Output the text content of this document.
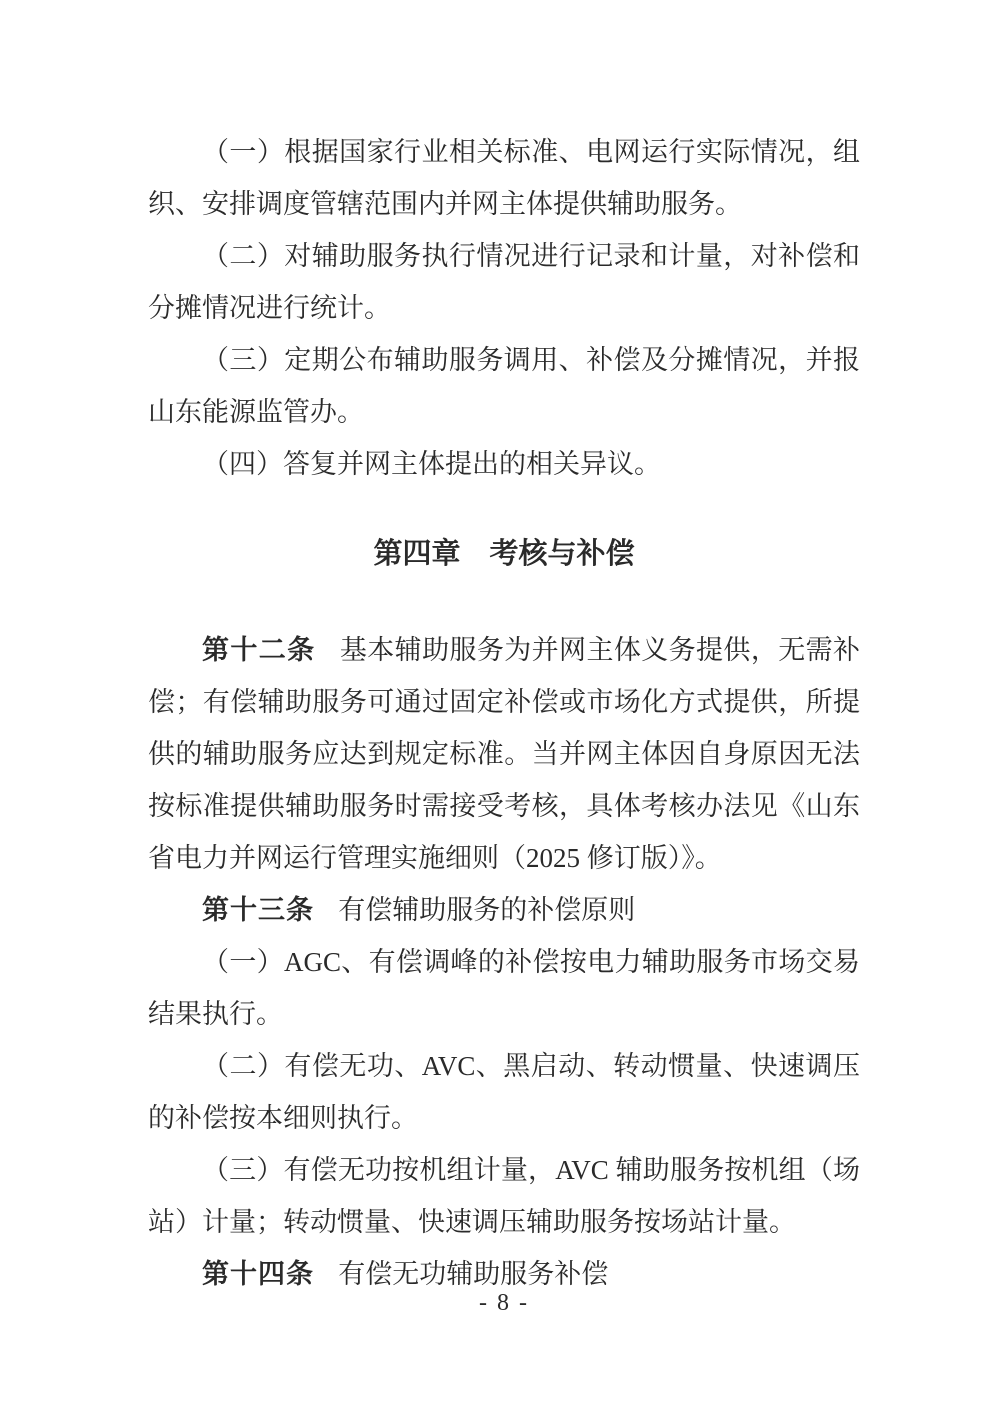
（一）根据国家行业相关标准、电网运行实际情况，组
织、安排调度管辖范围内并网主体提供辅助服务。
（二）对辅助服务执行情况进行记录和计量，对补偿和
分摊情况进行统计。
（三）定期公布辅助服务调用、补偿及分摊情况，并报
山东能源监管办。
（四）答复并网主体提出的相关异议。
第四章　考核与补偿
第十二条 基本辅助服务为并网主体义务提供，无需补
偿；有偿辅助服务可通过固定补偿或市场化方式提供，所提
供的辅助服务应达到规定标准。当并网主体因自身原因无法
按标准提供辅助服务时需接受考核，具体考核办法见《山东
省电力并网运行管理实施细则（2025 修订版）》。
第十三条 有偿辅助服务的补偿原则
（一）AGC、有偿调峰的补偿按电力辅助服务市场交易
结果执行。
（二）有偿无功、AVC、黑启动、转动惯量、快速调压
的补偿按本细则执行。
（三）有偿无功按机组计量，AVC 辅助服务按机组（场
站）计量；转动惯量、快速调压辅助服务按场站计量。
第十四条 有偿无功辅助服务补偿
- 8 -
